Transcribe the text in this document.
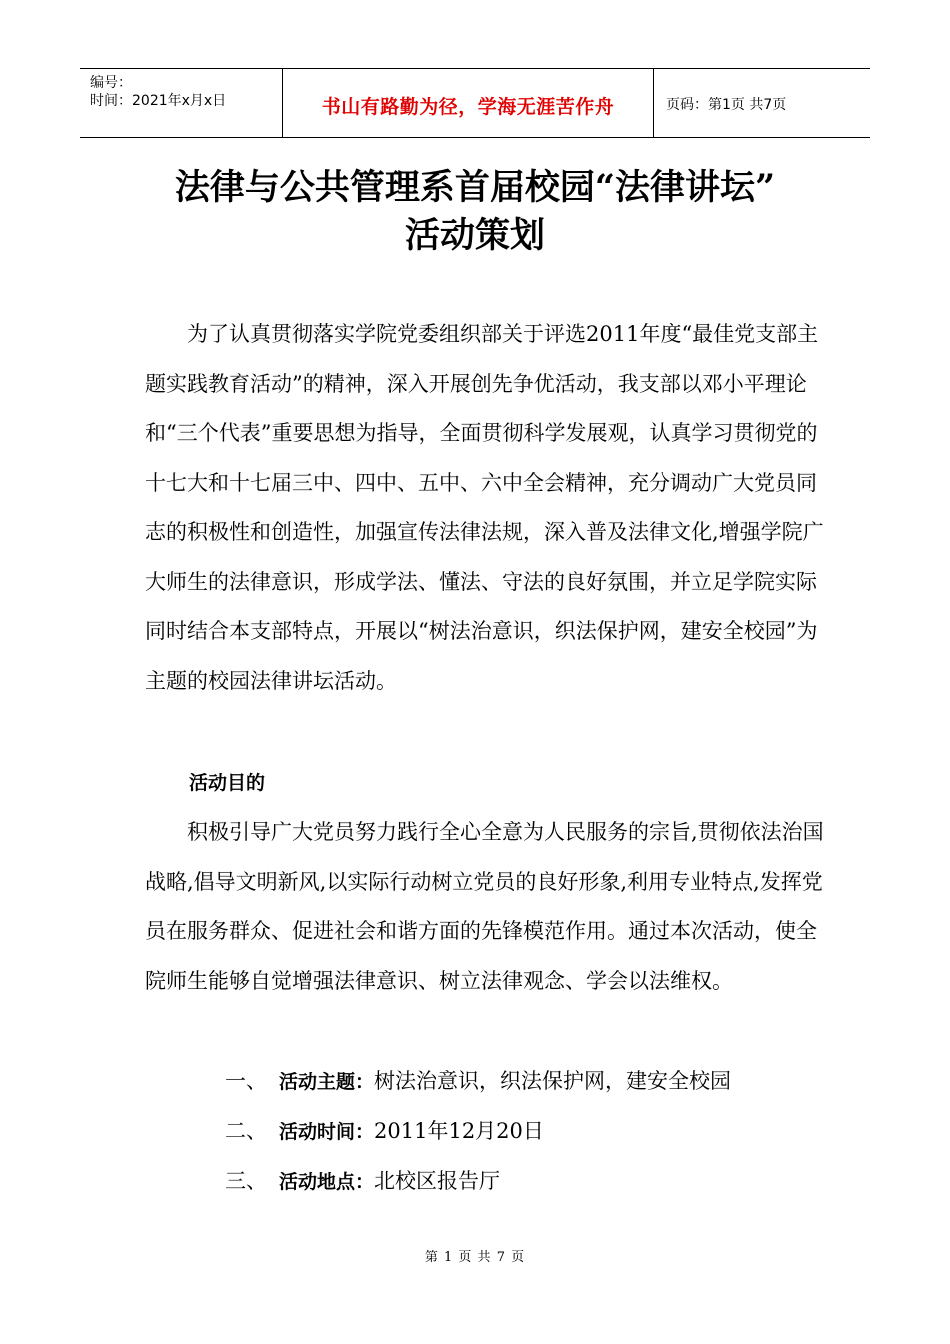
编号：
时间：2021年x月x日	书山有路勤为径，学海无涯苦作舟	页码：第1页 共7页
法律与公共管理系首届校园“法律讲坛”
活动策划

为了认真贯彻落实学院党委组织部关于评选2011年度“最佳党支部主题实践教育活动”的精神，深入开展创先争优活动，我支部以邓小平理论和“三个代表”重要思想为指导，全面贯彻科学发展观，认真学习贯彻党的十七大和十七届三中、四中、五中、六中全会精神，充分调动广大党员同志的积极性和创造性，加强宣传法律法规，深入普及法律文化,增强学院广大师生的法律意识，形成学法、懂法、守法的良好氛围，并立足学院实际同时结合本支部特点，开展以“树法治意识，织法保护网，建安全校园”为主题的校园法律讲坛活动。

活动目的

积极引导广大党员努力践行全心全意为人民服务的宗旨,贯彻依法治国战略,倡导文明新风,以实际行动树立党员的良好形象,利用专业特点,发挥党员在服务群众、促进社会和谐方面的先锋模范作用。通过本次活动，使全院师生能够自觉增强法律意识、树立法律观念、学会以法维权。

一、 活动主题：树法治意识，织法保护网，建安全校园
二、 活动时间：2011年12月20日
三、 活动地点：北校区报告厅
第 1 页 共 7 页
